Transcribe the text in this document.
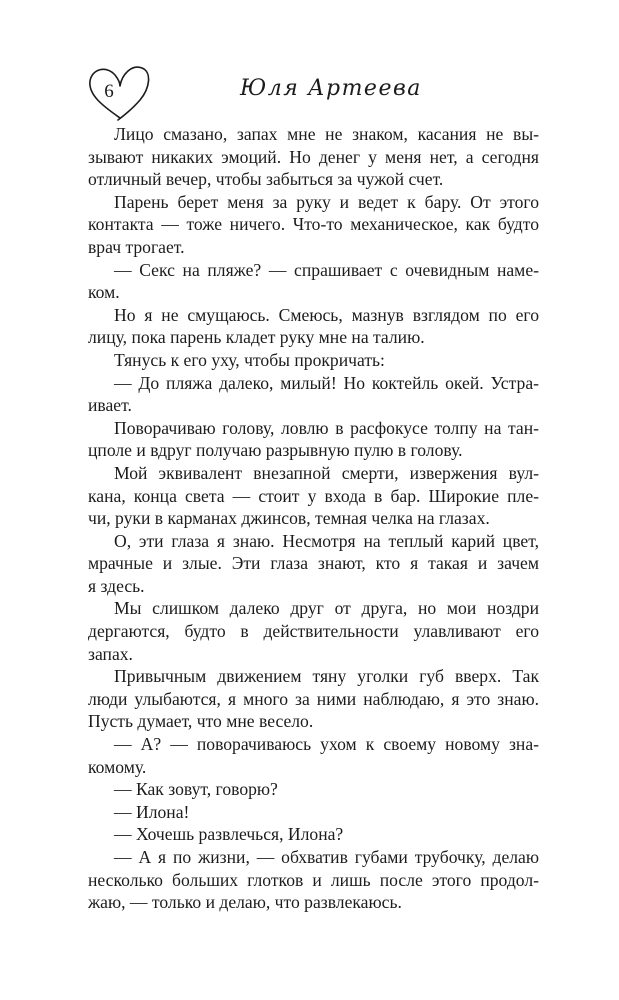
6	Юля Артеева
Лицо смазано, запах мне не знаком, касания не вы-
зывают никаких эмоций. Но денег у меня нет, а сегодня
отличный вечер, чтобы забыться за чужой счет.
Парень берет меня за руку и ведет к бару. От этого
контакта — тоже ничего. Что-то механическое, как будто
врач трогает.
— Секс на пляже? — спрашивает с очевидным наме-
ком.
Но я не смущаюсь. Смеюсь, мазнув взглядом по его
лицу, пока парень кладет руку мне на талию.
Тянусь к его уху, чтобы прокричать:
— До пляжа далеко, милый! Но коктейль окей. Устра-
ивает.
Поворачиваю голову, ловлю в расфокусе толпу на тан-
цполе и вдруг получаю разрывную пулю в голову.
Мой эквивалент внезапной смерти, извержения вул-
кана, конца света — стоит у входа в бар. Широкие пле-
чи, руки в карманах джинсов, темная челка на глазах.
О, эти глаза я знаю. Несмотря на теплый карий цвет,
мрачные и злые. Эти глаза знают, кто я такая и зачем
я здесь.
Мы слишком далеко друг от друга, но мои ноздри
дергаются, будто в действительности улавливают его
запах.
Привычным движением тяну уголки губ вверх. Так
люди улыбаются, я много за ними наблюдаю, я это знаю.
Пусть думает, что мне весело.
— А? — поворачиваюсь ухом к своему новому зна-
комому.
— Как зовут, говорю?
— Илона!
— Хочешь развлечься, Илона?
— А я по жизни, — обхватив губами трубочку, делаю
несколько больших глотков и лишь после этого продол-
жаю, — только и делаю, что развлекаюсь.
